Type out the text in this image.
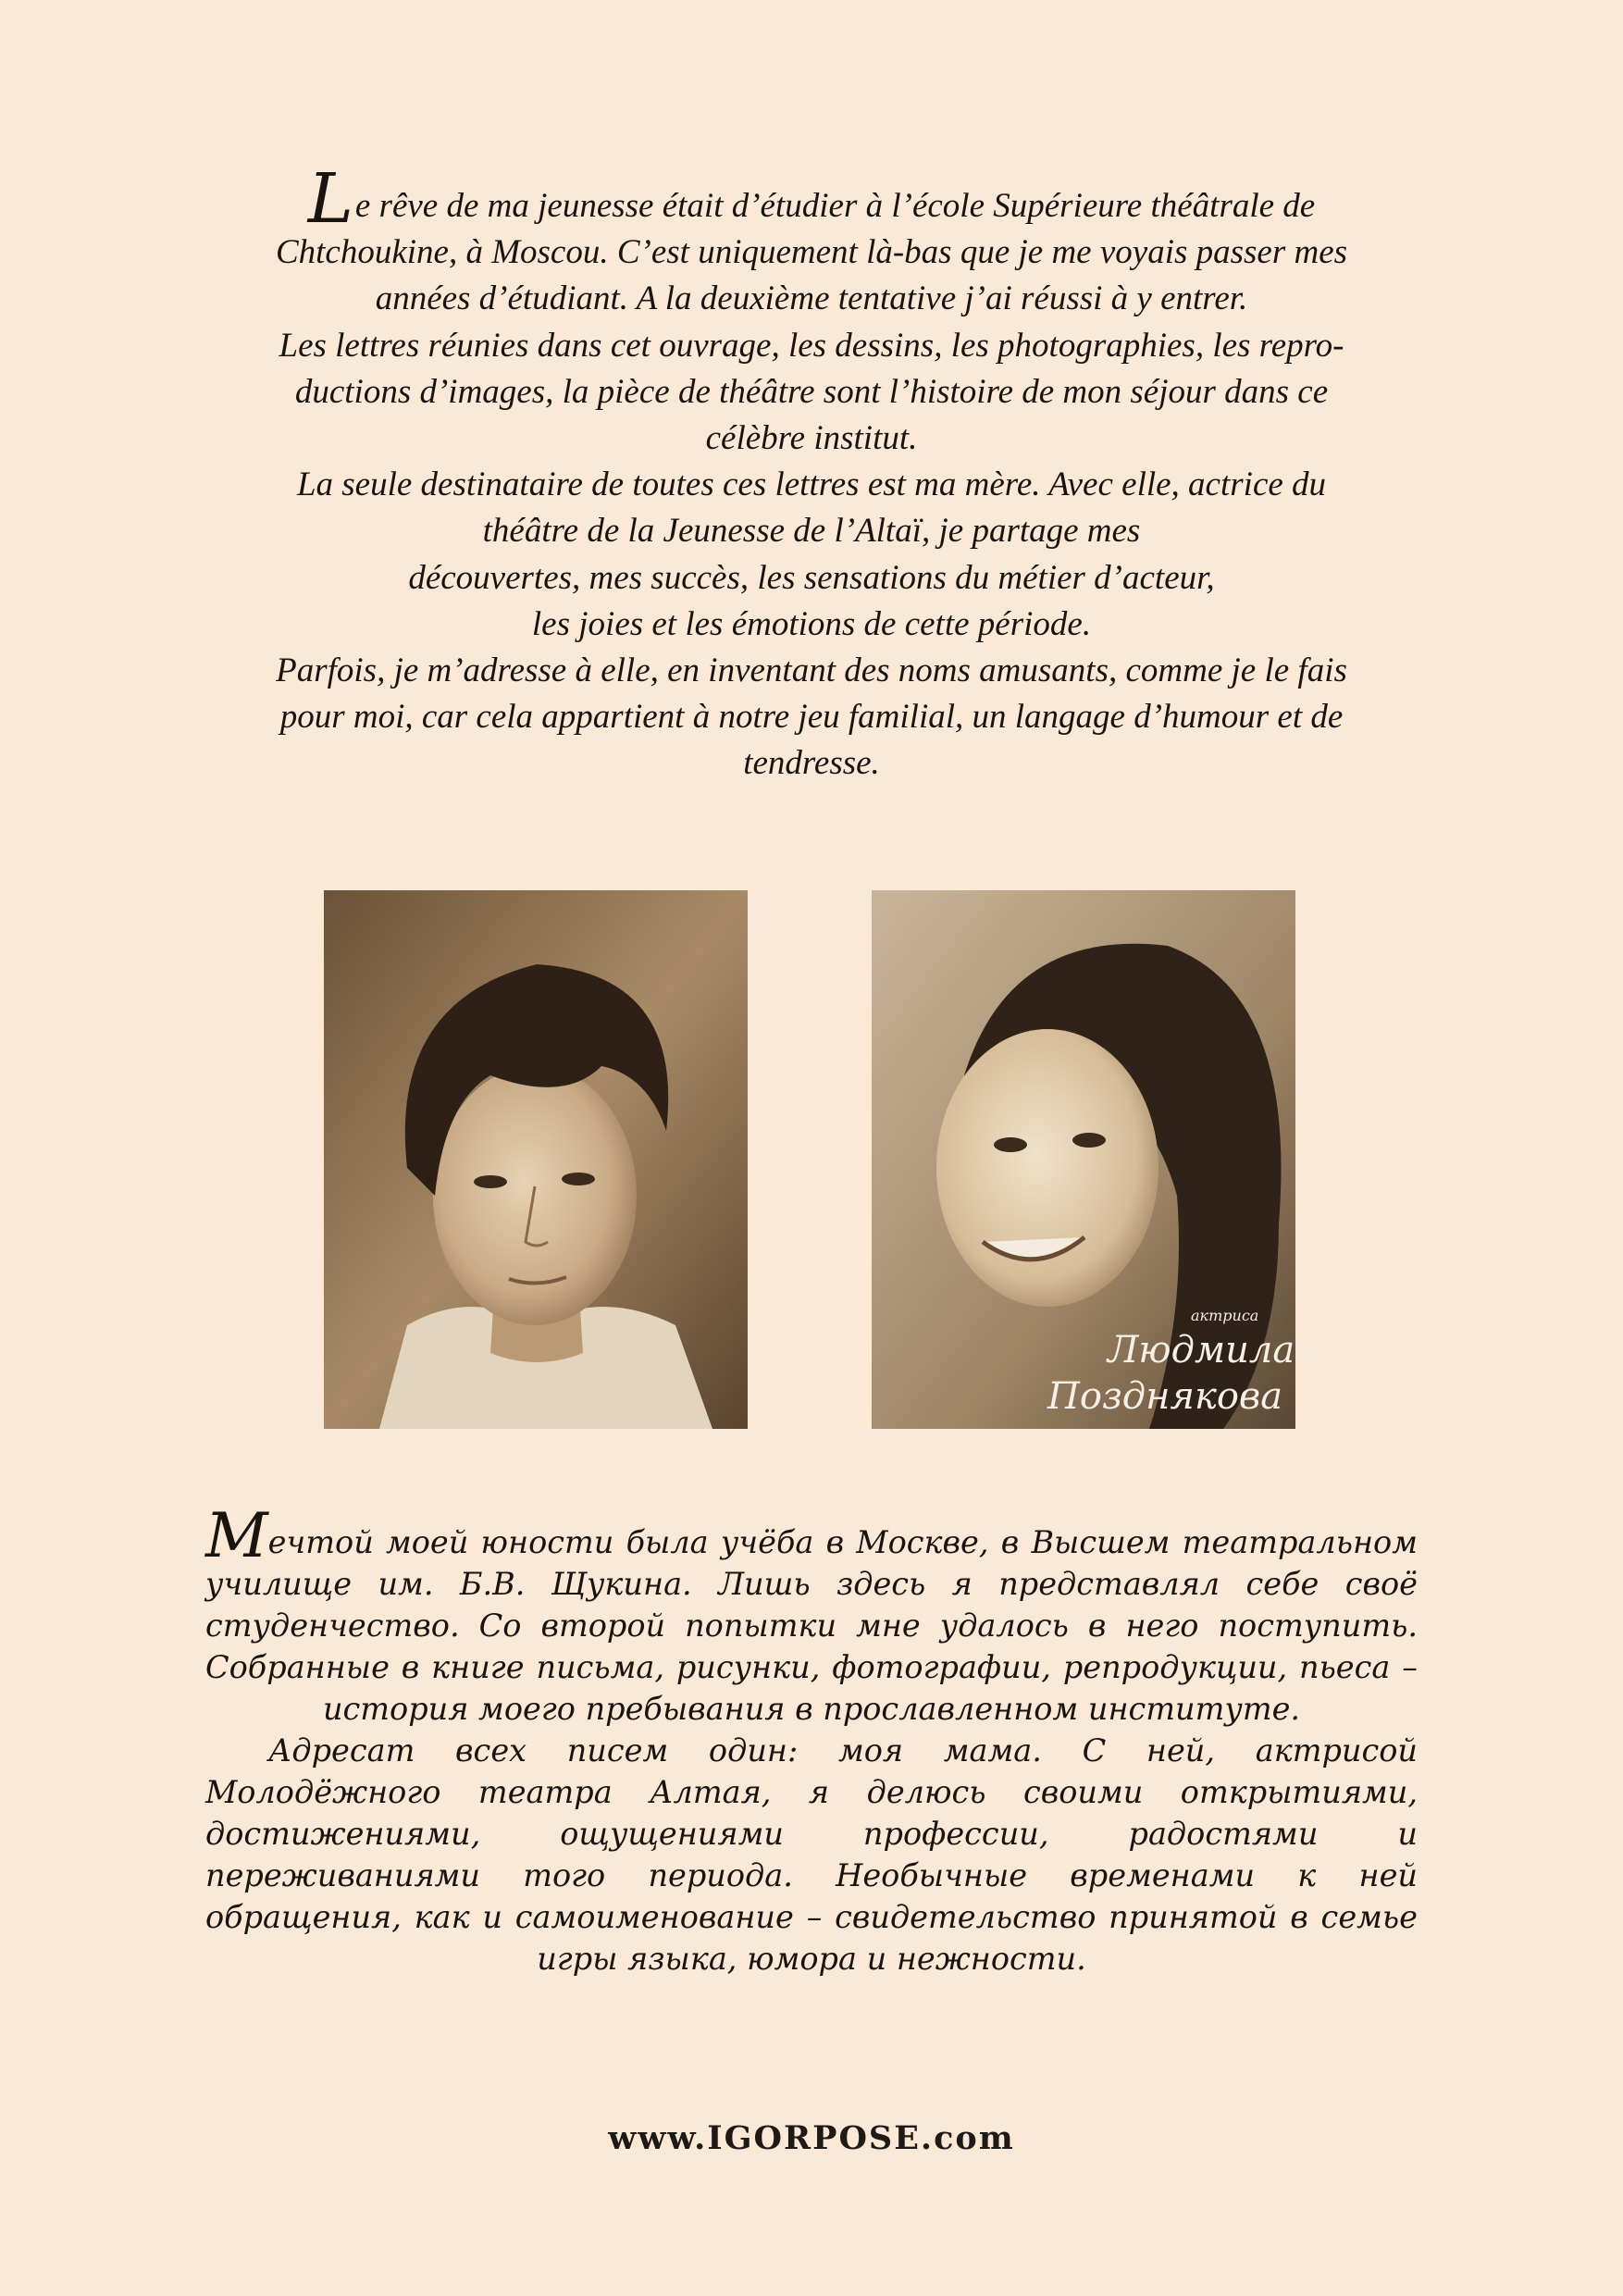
Le rêve de ma jeunesse était d’étudier à l’école Supérieure théâtrale de
Chtchoukine, à Moscou. C’est uniquement là-bas que je me voyais passer mes
années d’étudiant. A la deuxième tentative j’ai réussi à y entrer.

Les lettres réunies dans cet ouvrage, les dessins, les photographies, les repro-
ductions d’images, la pièce de théâtre sont l’histoire de mon séjour dans ce
célèbre institut.

La seule destinataire de toutes ces lettres est ma mère. Avec elle, actrice du
théâtre de la Jeunesse de l’Altaï, je partage mes
découvertes, mes succès, les sensations du métier d’acteur,
les joies et les émotions de cette période.

Parfois, je m’adresse à elle, en inventant des noms amusants, comme je le fais
pour moi, car cela appartient à notre jeu familial, un langage d’humour et de
tendresse.

актриса
Людмила
Позднякова

Мечтой моей юности была учёба в Москве, в Высшем театральном училище им. Б.В. Щукина. Лишь здесь я представлял себе своё студенчество. Со второй попытки мне удалось в него поступить. Собранные в книге письма, рисунки, фотографии, репродукции, пьеса – история моего пребывания в прославленном институте.

Адресат всех писем один: моя мама. С ней, актрисой Молодёжного театра Алтая, я делюсь своими открытиями, достижениями, ощущениями профессии, радостями и переживаниями того периода. Необычные временами к ней обращения, как и самоименование – свидетельство принятой в семье игры языка, юмора и нежности.

www.IGORPOSE.com
